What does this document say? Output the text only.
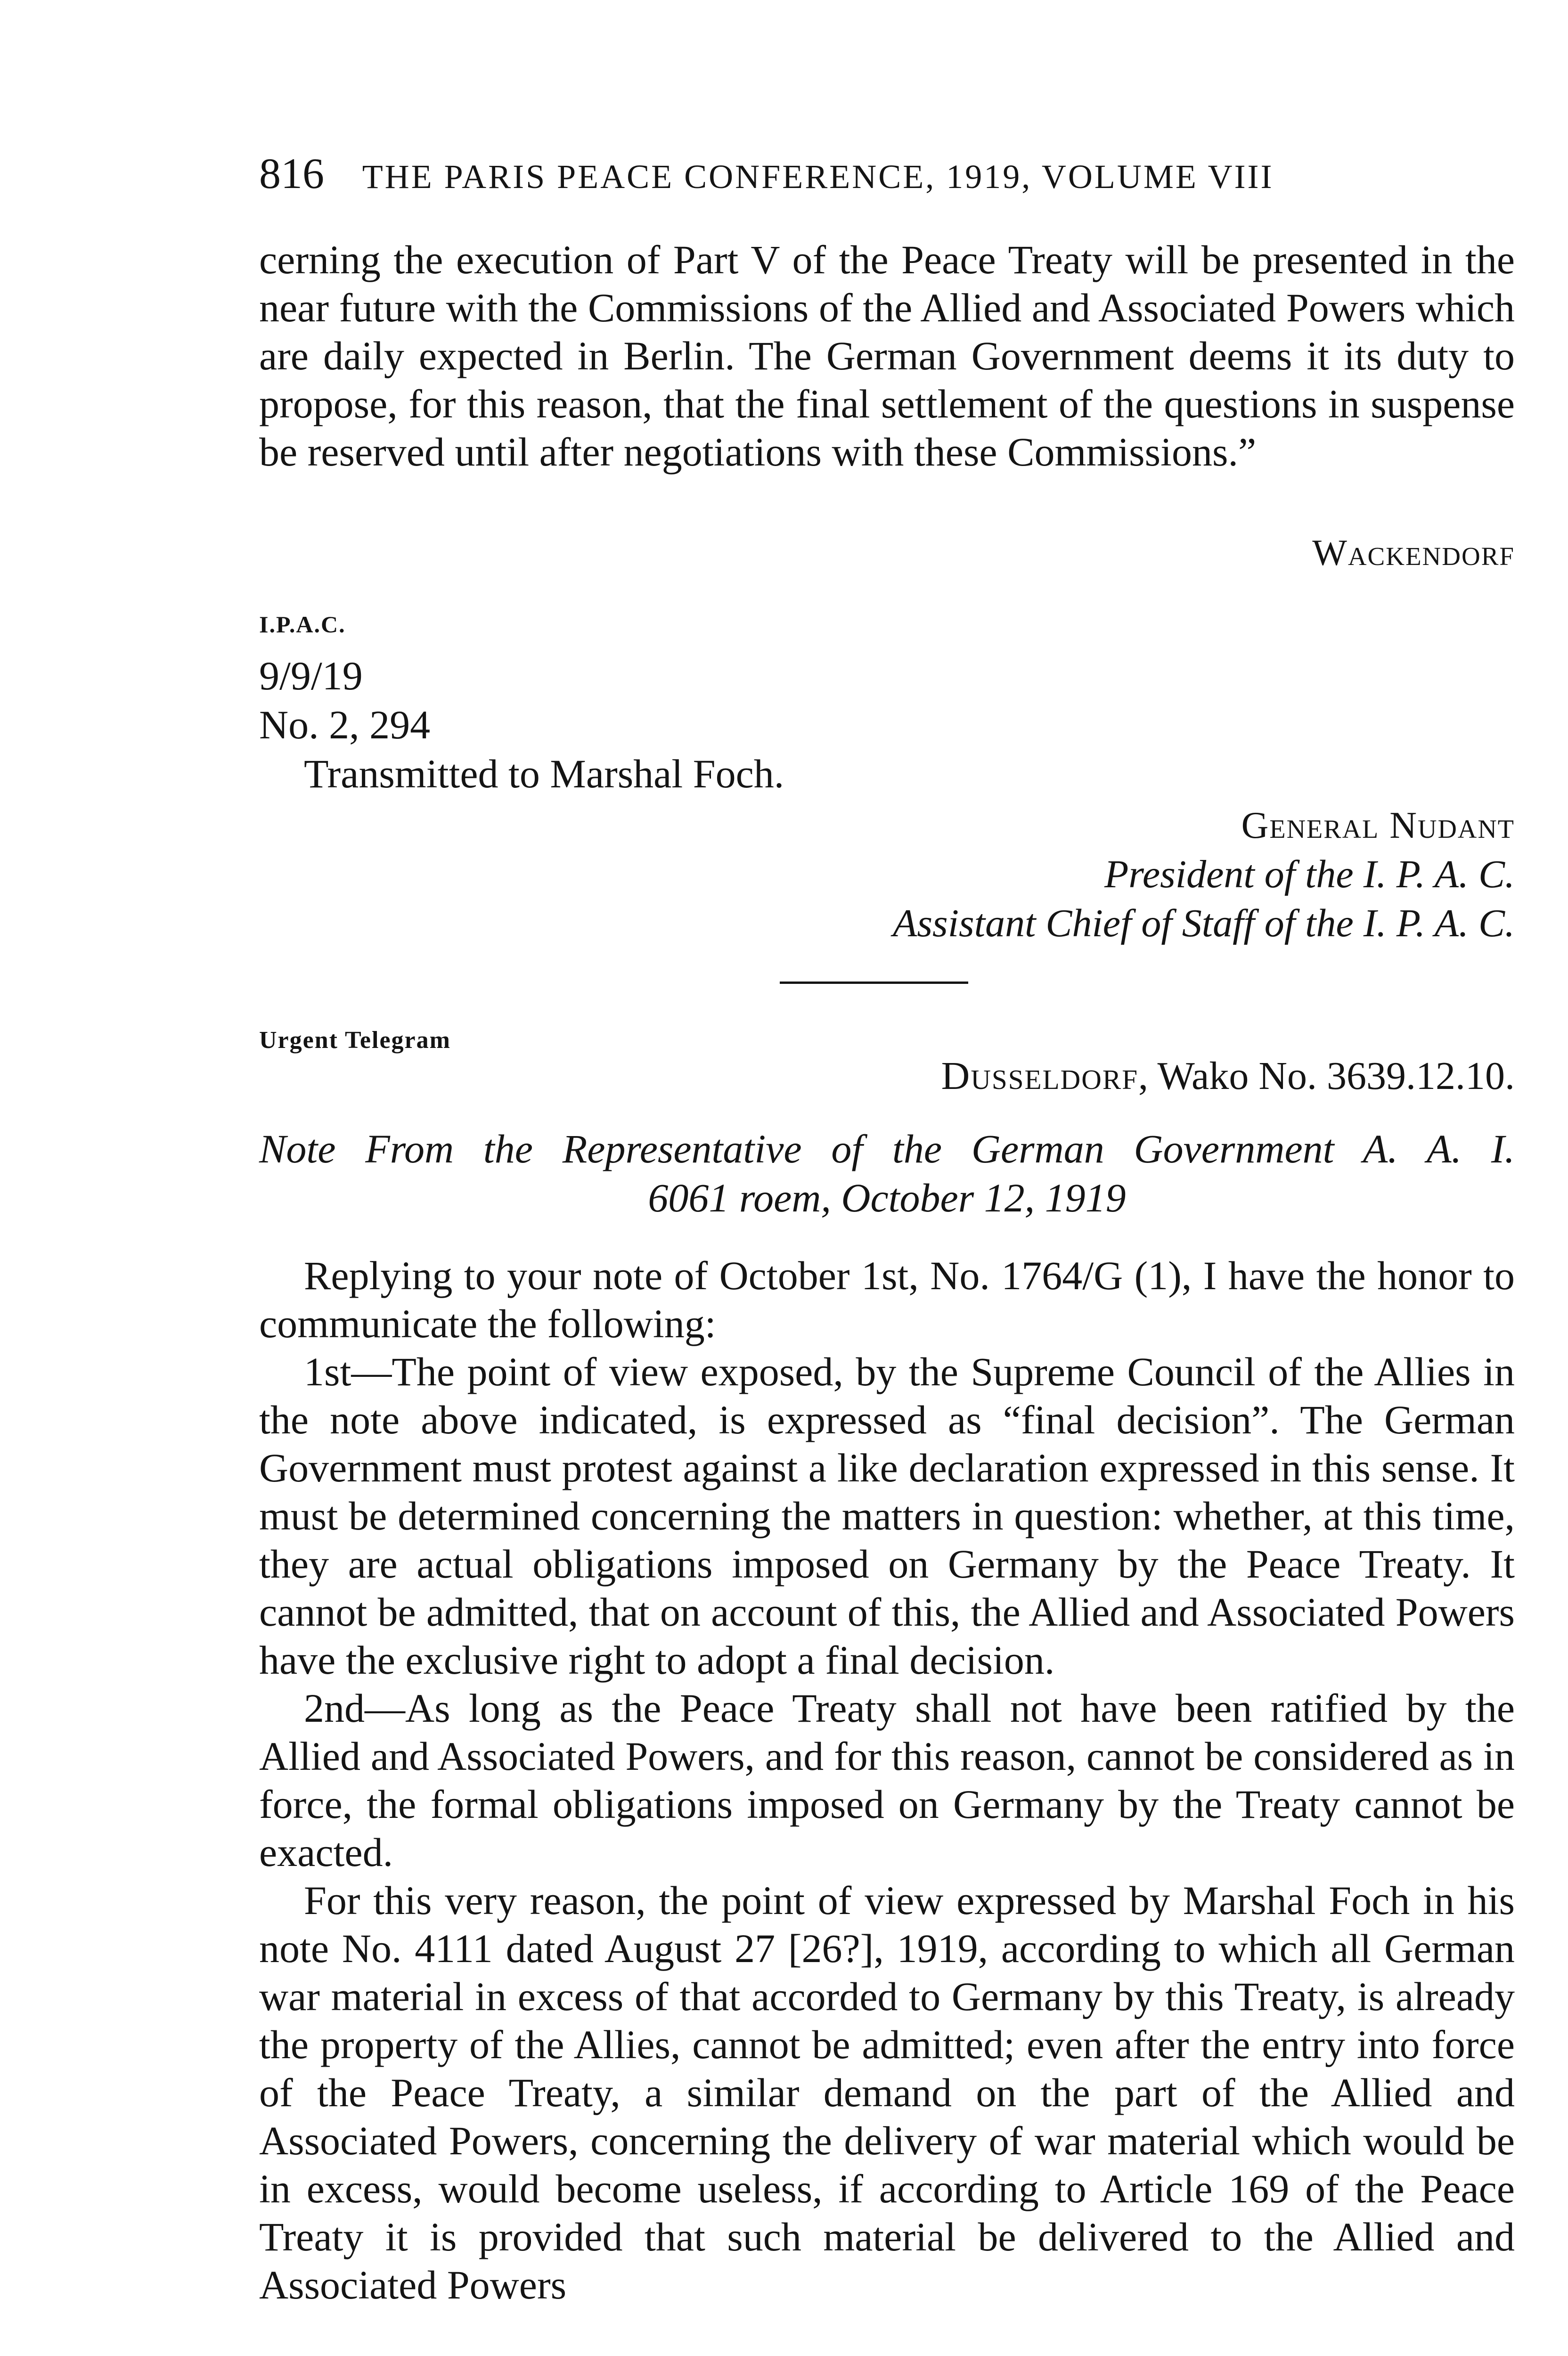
816 THE PARIS PEACE CONFERENCE, 1919, VOLUME VIII

cerning the execution of Part V of the Peace Treaty will be presented in the near future with the Commissions of the Allied and Associated Powers which are daily expected in Berlin. The German Government deems it its duty to propose, for this reason, that the final settlement of the questions in suspense be reserved until after negotiations with these Commissions.”

Wackendorf
I.P.A.C.
9/9/19
No. 2, 294
Transmitted to Marshal Foch.
General Nudant
President of the I. P. A. C.
Assistant Chief of Staff of the I. P. A. C.
Urgent Telegram
Dusseldorf, Wako No. 3639.12.10.
Note From the Representative of the German Government A. A. I.
6061 roem, October 12, 1919

Replying to your note of October 1st, No. 1764/G (1), I have the honor to communicate the following:

1st—The point of view exposed, by the Supreme Council of the Allies in the note above indicated, is expressed as “final decision”. The German Government must protest against a like declaration expressed in this sense. It must be determined concerning the matters in question: whether, at this time, they are actual obligations imposed on Germany by the Peace Treaty. It cannot be admitted, that on account of this, the Allied and Associated Powers have the exclusive right to adopt a final decision.

2nd—As long as the Peace Treaty shall not have been ratified by the Allied and Associated Powers, and for this reason, cannot be considered as in force, the formal obligations imposed on Germany by the Treaty cannot be exacted.

For this very reason, the point of view expressed by Marshal Foch in his note No. 4111 dated August 27 [26?], 1919, according to which all German war material in excess of that accorded to Germany by this Treaty, is already the property of the Allies, cannot be admitted; even after the entry into force of the Peace Treaty, a similar demand on the part of the Allied and Associated Powers, concerning the delivery of war material which would be in excess, would become useless, if according to Article 169 of the Peace Treaty it is provided that such material be delivered to the Allied and Associated Powers
